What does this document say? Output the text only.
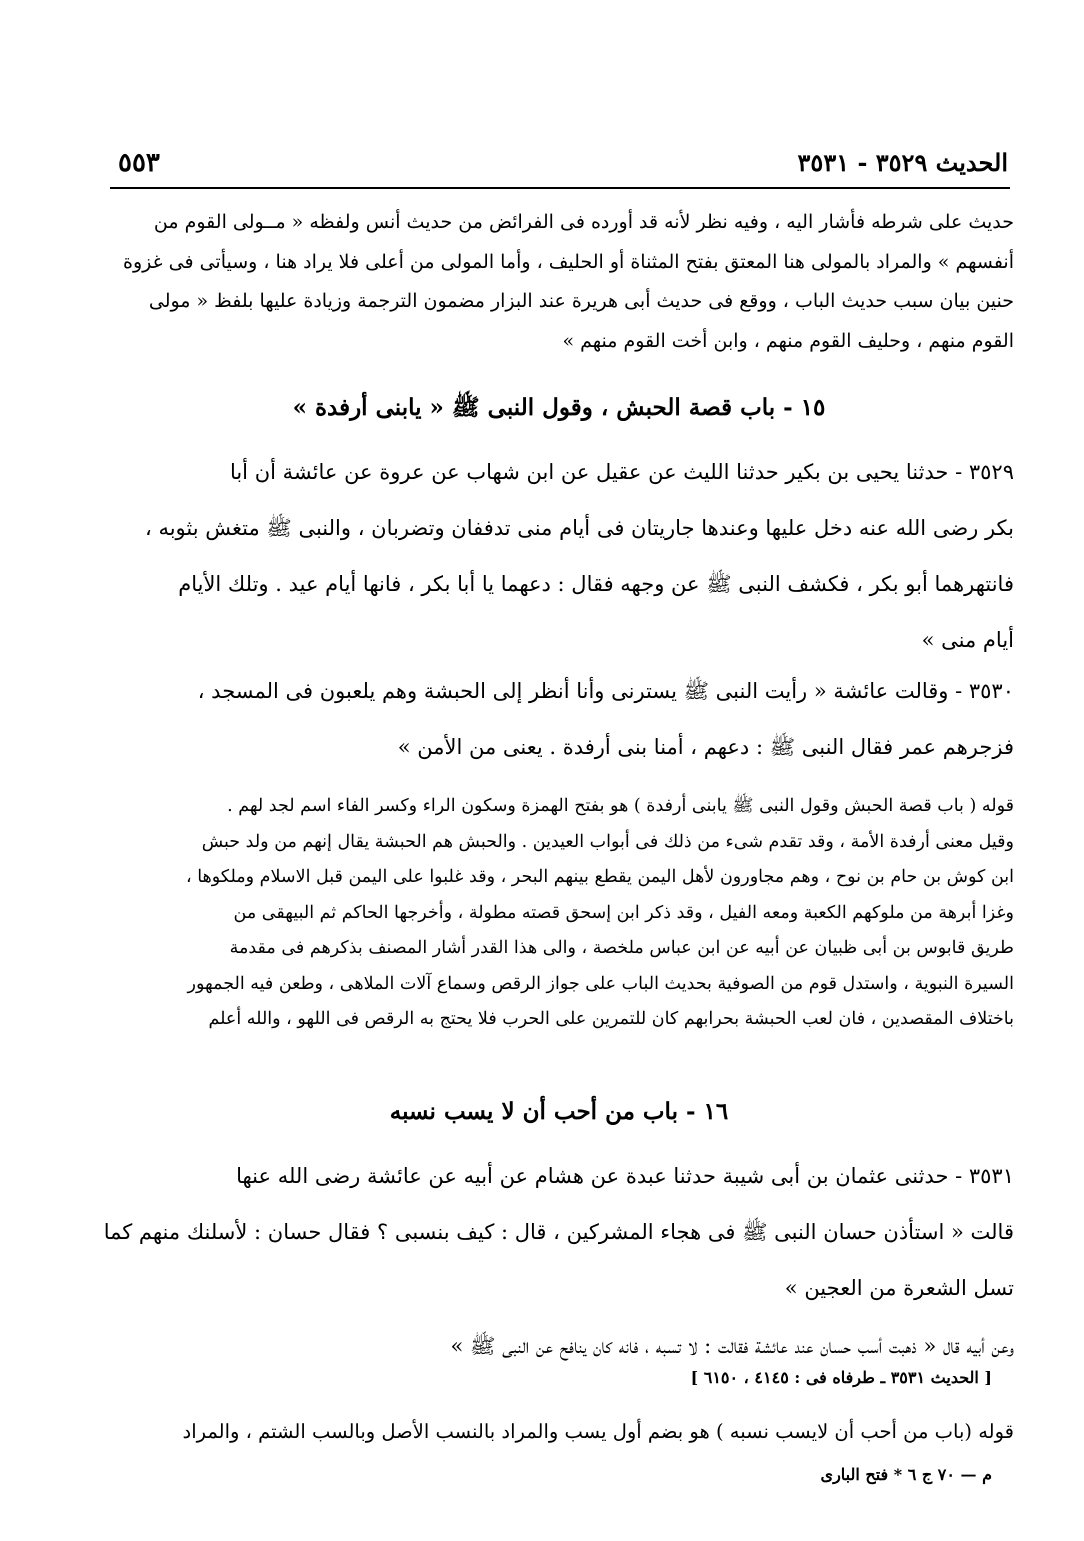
الحديث ٣٥٢٩ - ٣٥٣١
٥٥٣
حديث على شرطه فأشار اليه ، وفيه نظر لأنه قد أورده فى الفرائض من حديث أنس ولفظه « مــولى القوم من
أنفسهم » والمراد بالمولى هنا المعتق بفتح المثناة أو الحليف ، وأما المولى من أعلى فلا يراد هنا ، وسيأتى فى غزوة
حنين بيان سبب حديث الباب ، ووقع فى حديث أبى هريرة عند البزار مضمون الترجمة وزيادة عليها بلفظ « مولى
القوم منهم ، وحليف القوم منهم ، وابن أخت القوم منهم »
١٥ - باب قصة الحبش ، وقول النبى ﷺ « يابنى أرفدة »
٣٥٢٩ - حدثنا يحيى بن بكير حدثنا الليث عن عقيل عن ابن شهاب عن عروة عن عائشة أن أبا
بكر رضى الله عنه دخل عليها وعندها جاريتان فى أيام منى تدففان وتضربان ، والنبى ﷺ متغش بثوبه ،
فانتهرهما أبو بكر ، فكشف النبى ﷺ عن وجهه فقال : دعهما يا أبا بكر ، فانها أيام عيد . وتلك الأيام
أيام منى »
٣٥٣٠ - وقالت عائشة « رأيت النبى ﷺ يسترنى وأنا أنظر إلى الحبشة وهم يلعبون فى المسجد ،
فزجرهم عمر فقال النبى ﷺ : دعهم ، أمنا بنى أرفدة . يعنى من الأمن »
قوله ( باب قصة الحبش وقول النبى ﷺ يابنى أرفدة ) هو بفتح الهمزة وسكون الراء وكسر الفاء اسم لجد لهم .
وقيل معنى أرفدة الأمة ، وقد تقدم شىء من ذلك فى أبواب العيدين . والحبش هم الحبشة يقال إنهم من ولد حبش
ابن كوش بن حام بن نوح ، وهم مجاورون لأهل اليمن يقطع بينهم البحر ، وقد غلبوا على اليمن قبل الاسلام وملكوها ،
وغزا أبرهة من ملوكهم الكعبة ومعه الفيل ، وقد ذكر ابن إسحق قصته مطولة ، وأخرجها الحاكم ثم البيهقى من
طريق قابوس بن أبى ظبيان عن أبيه عن ابن عباس ملخصة ، والى هذا القدر أشار المصنف بذكرهم فى مقدمة
السيرة النبوية ، واستدل قوم من الصوفية بحديث الباب على جواز الرقص وسماع آلات الملاهى ، وطعن فيه الجمهور
باختلاف المقصدين ، فان لعب الحبشة بحرابهم كان للتمرين على الحرب فلا يحتج به الرقص فى اللهو ، والله أعلم
١٦ - باب من أحب أن لا يسب نسبه
٣٥٣١ - حدثنى عثمان بن أبى شيبة حدثنا عبدة عن هشام عن أبيه عن عائشة رضى الله عنها
قالت « استأذن حسان النبى ﷺ فى هجاء المشركين ، قال : كيف بنسبى ؟ فقال حسان : لأسلنك منهم كما
تسل الشعرة من العجين »
وعن أبيه قال « ذهبت أسب حسان عند عائشة فقالت : لا تسبه ، فانه كان ينافح عن النبى ﷺ »
[ الحديث ٣٥٣١ ـ طرفاه فى : ٤١٤٥ ، ٦١٥٠ ]
قوله (باب من أحب أن لايسب نسبه ) هو بضم أول يسب والمراد بالنسب الأصل وبالسب الشتم ، والمراد
م — ٧٠ ج ٦ * فتح البارى
